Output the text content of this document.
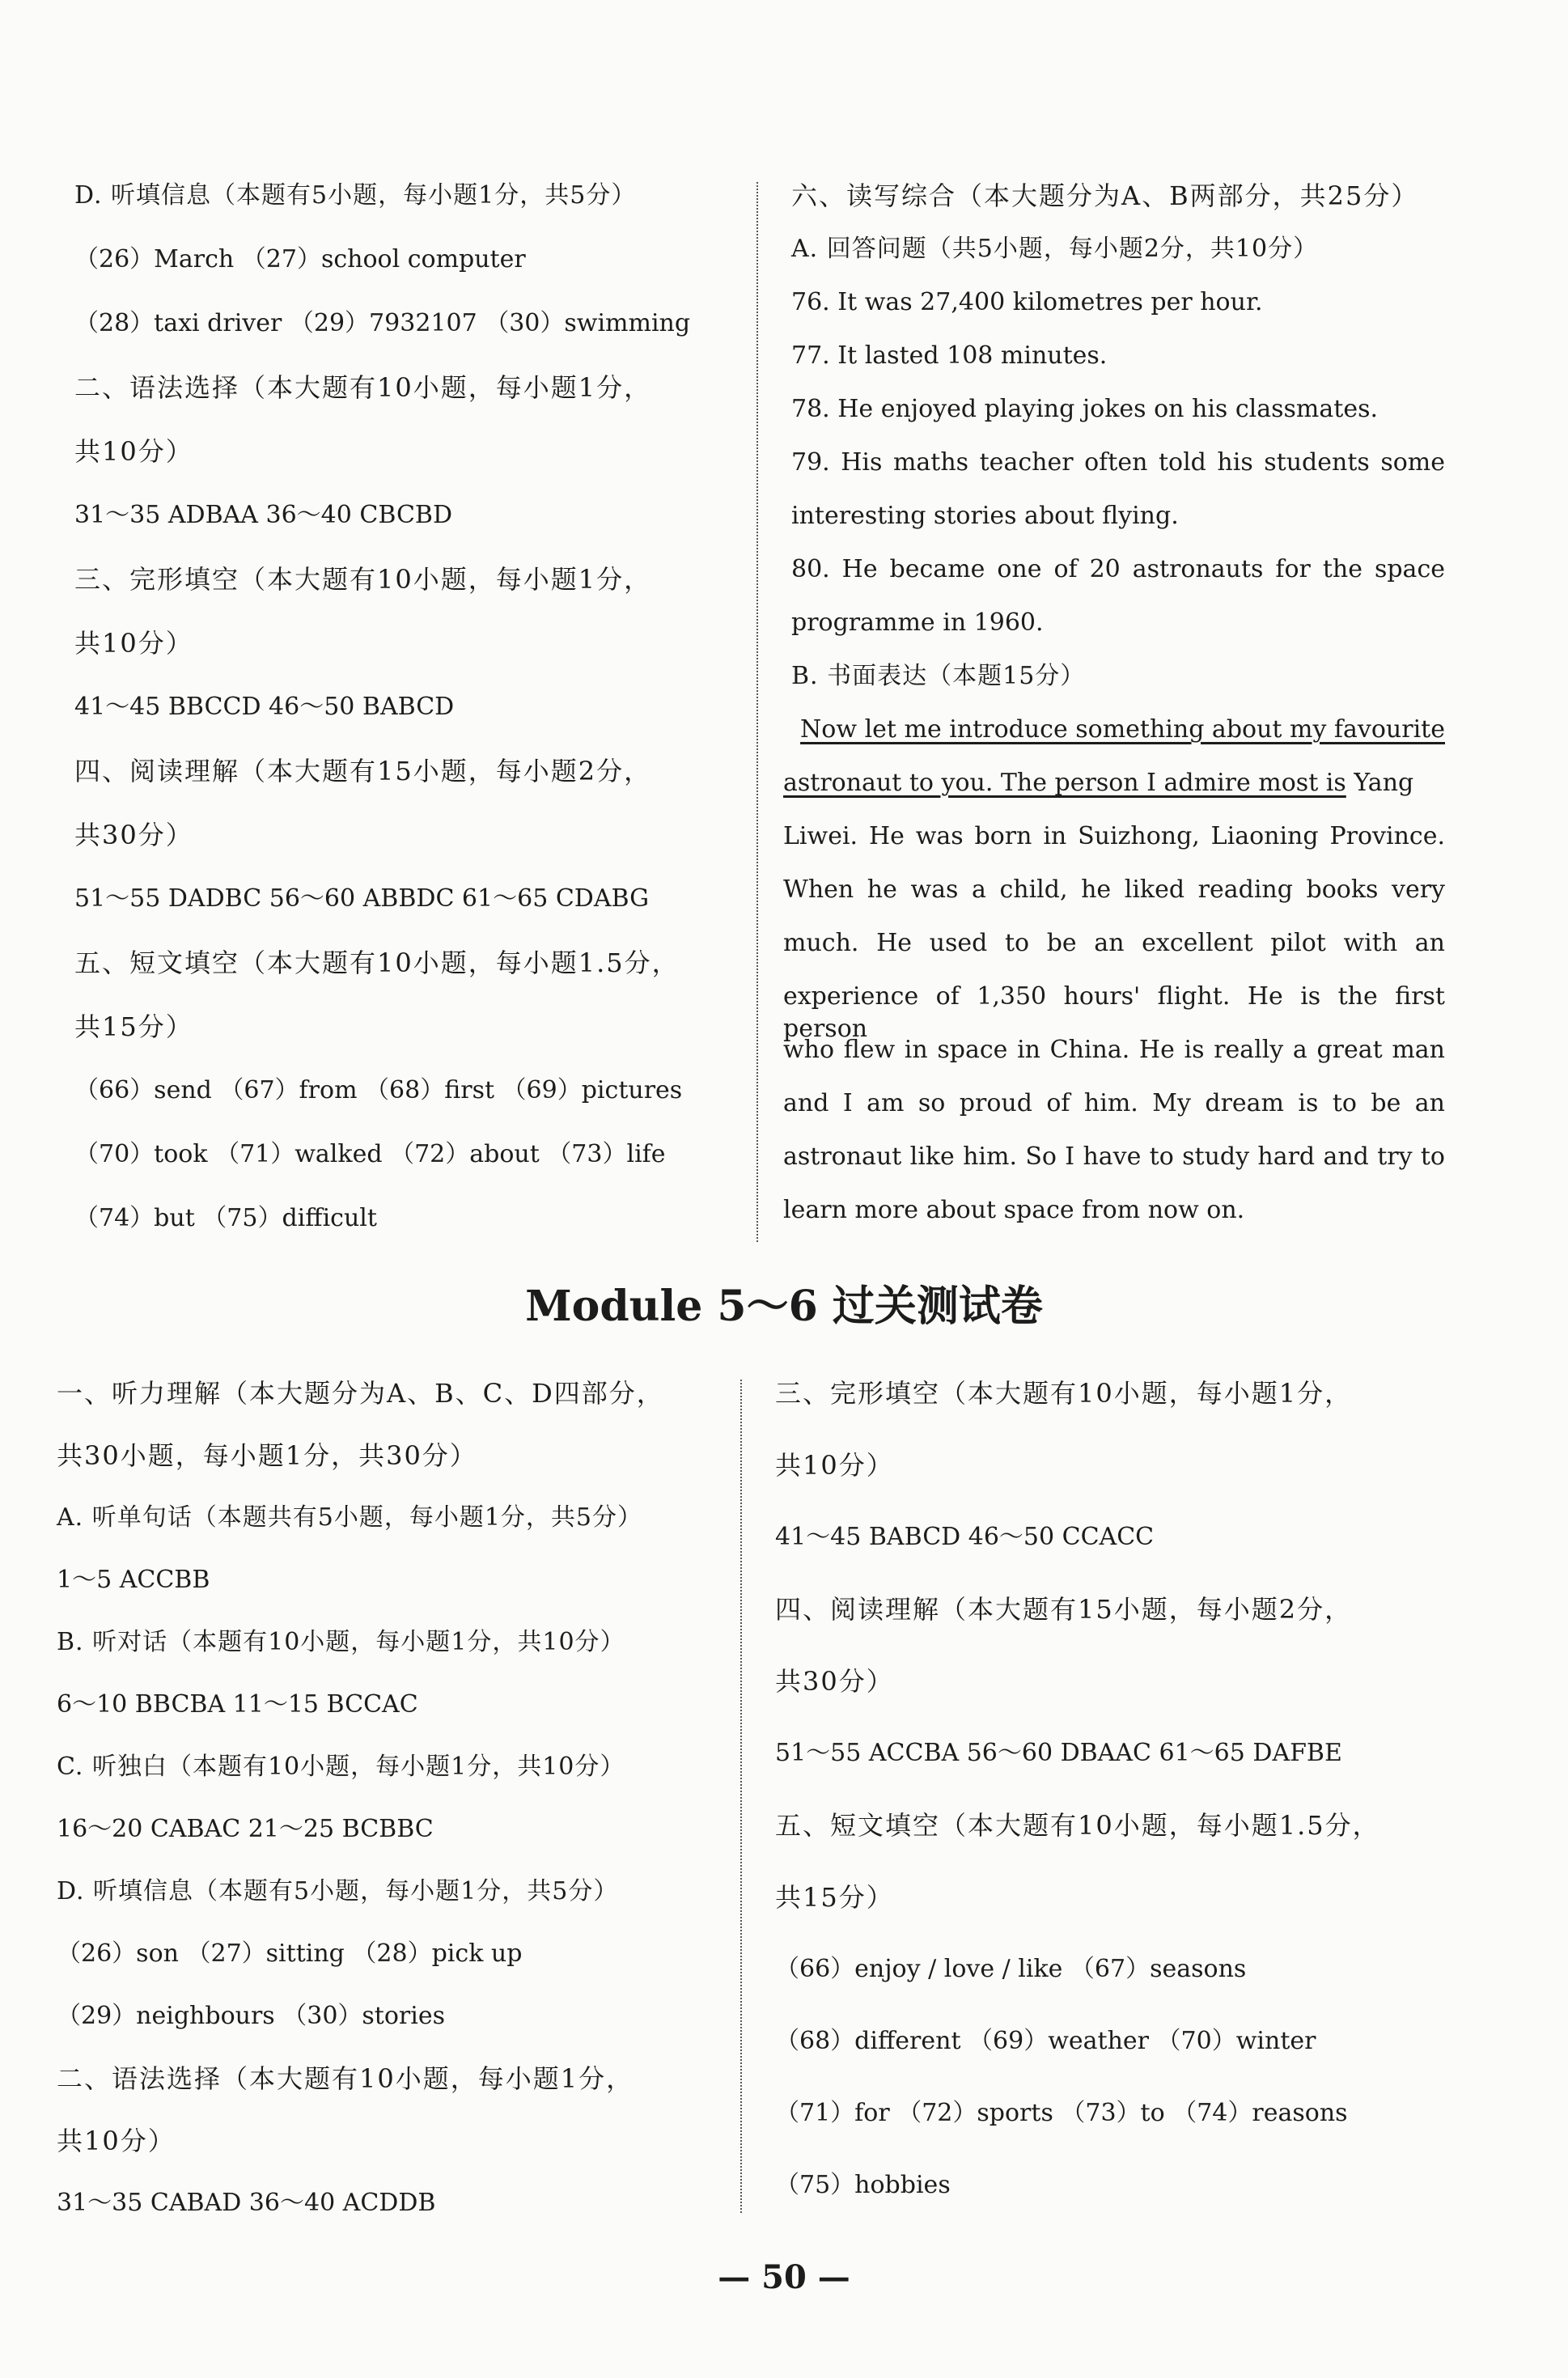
D. 听填信息（本题有5小题，每小题1分，共5分）
（26）March （27）school computer
（28）taxi driver （29）7932107 （30）swimming
二、语法选择（本大题有10小题，每小题1分，
共10分）
31～35 ADBAA 36～40 CBCBD
三、完形填空（本大题有10小题，每小题1分，
共10分）
41～45 BBCCD 46～50 BABCD
四、阅读理解（本大题有15小题，每小题2分，
共30分）
51～55 DADBC 56～60 ABBDC 61～65 CDABG
五、短文填空（本大题有10小题，每小题1.5分，
共15分）
（66）send （67）from （68）first （69）pictures
（70）took （71）walked （72）about （73）life
（74）but （75）difficult
六、读写综合（本大题分为A、B两部分，共25分）
A. 回答问题（共5小题，每小题2分，共10分）
76. It was 27,400 kilometres per hour.
77. It lasted 108 minutes.
78. He enjoyed playing jokes on his classmates.
79. His maths teacher often told his students some
interesting stories about flying.
80. He became one of 20 astronauts for the space
programme in 1960.
B. 书面表达（本题15分）
Now let me introduce something about my favourite
astronaut to you. The person I admire most is Yang
Liwei. He was born in Suizhong, Liaoning Province.
When he was a child, he liked reading books very
much. He used to be an excellent pilot with an
experience of 1,350 hours' flight. He is the first person
who flew in space in China. He is really a great man
and I am so proud of him. My dream is to be an
astronaut like him. So I have to study hard and try to
learn more about space from now on.
Module 5～6 过关测试卷
一、听力理解（本大题分为A、B、C、D四部分，
共30小题，每小题1分，共30分）
A. 听单句话（本题共有5小题，每小题1分，共5分）
1～5 ACCBB
B. 听对话（本题有10小题，每小题1分，共10分）
6～10 BBCBA 11～15 BCCAC
C. 听独白（本题有10小题，每小题1分，共10分）
16～20 CABAC 21～25 BCBBC
D. 听填信息（本题有5小题，每小题1分，共5分）
（26）son （27）sitting （28）pick up
（29）neighbours （30）stories
二、语法选择（本大题有10小题，每小题1分，
共10分）
31～35 CABAD 36～40 ACDDB
三、完形填空（本大题有10小题，每小题1分，
共10分）
41～45 BABCD 46～50 CCACC
四、阅读理解（本大题有15小题，每小题2分，
共30分）
51～55 ACCBA 56～60 DBAAC 61～65 DAFBE
五、短文填空（本大题有10小题，每小题1.5分，
共15分）
（66）enjoy / love / like （67）seasons
（68）different （69）weather （70）winter
（71）for （72）sports （73）to （74）reasons
（75）hobbies
— 50 —
